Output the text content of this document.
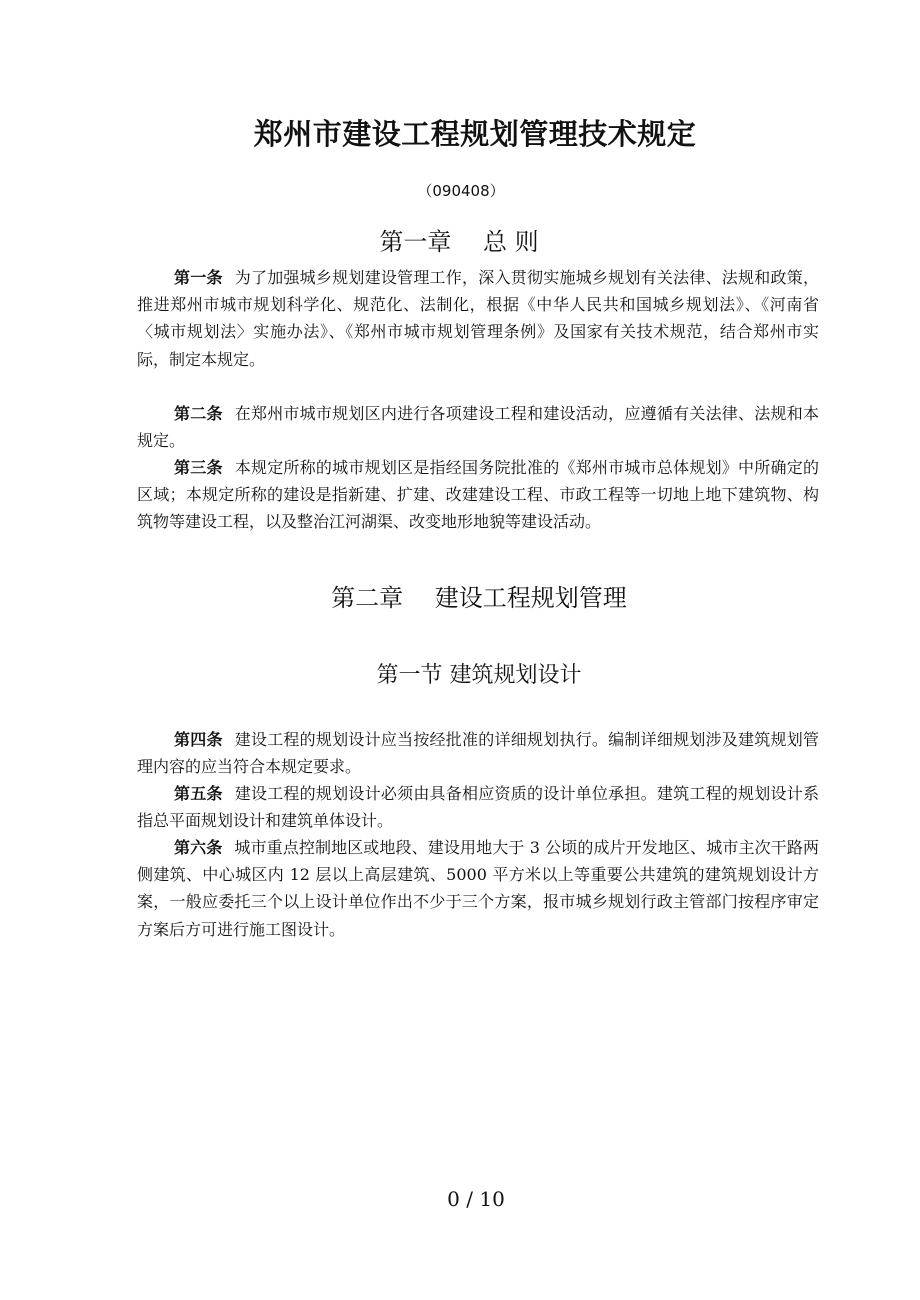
郑州市建设工程规划管理技术规定
（090408）
第一章　 总 则

第一条 为了加强城乡规划建设管理工作，深入贯彻实施城乡规划有关法律、法规和政策，推进郑州市城市规划科学化、规范化、法制化，根据《中华人民共和国城乡规划法》、《河南省〈城市规划法〉实施办法》、《郑州市城市规划管理条例》及国家有关技术规范，结合郑州市实际，制定本规定。

第二条 在郑州市城市规划区内进行各项建设工程和建设活动，应遵循有关法律、法规和本规定。

第三条 本规定所称的城市规划区是指经国务院批准的《郑州市城市总体规划》中所确定的区域；本规定所称的建设是指新建、扩建、改建建设工程、市政工程等一切地上地下建筑物、构筑物等建设工程，以及整治江河湖渠、改变地形地貌等建设活动。

第二章　 建设工程规划管理
第一节 建筑规划设计

第四条 建设工程的规划设计应当按经批准的详细规划执行。编制详细规划涉及建筑规划管理内容的应当符合本规定要求。

第五条 建设工程的规划设计必须由具备相应资质的设计单位承担。建筑工程的规划设计系指总平面规划设计和建筑单体设计。

第六条 城市重点控制地区或地段、建设用地大于 3 公顷的成片开发地区、城市主次干路两侧建筑、中心城区内 12 层以上高层建筑、5000 平方米以上等重要公共建筑的建筑规划设计方案，一般应委托三个以上设计单位作出不少于三个方案，报市城乡规划行政主管部门按程序审定方案后方可进行施工图设计。

0 / 10
